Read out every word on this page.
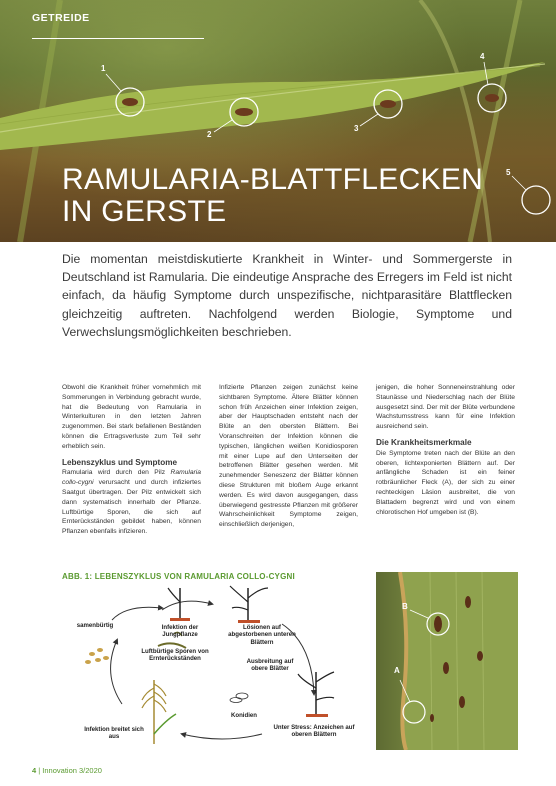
GETREIDE
1
2
3
4
5
RAMULARIA-BLATTFLECKEN
IN GERSTE
Die momentan meistdiskutierte Krankheit in Winter- und Sommergerste in Deutschland ist Ramularia. Die eindeutige Ansprache des Erregers im Feld ist nicht einfach, da häufig Symptome durch unspezifische, nichtparasitäre Blattflecken gleichzeitig auftreten. Nachfolgend werden Biologie, Symptome und Verwechslungsmöglichkeiten beschrieben.

Obwohl die Krankheit früher vornehmlich mit Sommerungen in Verbindung gebracht wurde, hat die Bedeutung von Ramularia in Winterkulturen in den letzten Jahren zugenommen. Bei stark befallenen Beständen können die Ertragsverluste zum Teil sehr erheblich sein.

Lebenszyklus und Symptome

Ramularia wird durch den Pilz Ramularia collo-cygni verursacht und durch infiziertes Saatgut übertragen. Der Pilz entwickelt sich dann systematisch innerhalb der Pflanze. Luftbürtige Sporen, die sich auf Ernterückständen gebildet haben, können Pflanzen ebenfalls infizieren.

Infizierte Pflanzen zeigen zunächst keine sichtbaren Symptome. Ältere Blätter können schon früh Anzeichen einer Infektion zeigen, aber der Hauptschaden entsteht nach der Blüte an den obersten Blättern. Bei Voranschreiten der Infektion können die typischen, länglichen weißen Konidiosporen mit einer Lupe auf den Unterseiten der betroffenen Blätter gesehen werden. Mit zunehmender Seneszenz der Blätter können diese Strukturen mit bloßem Auge erkannt werden. Es wird davon ausgegangen, dass überwiegend gestresste Pflanzen mit größerer Wahrscheinlichkeit Symptome zeigen, einschließlich derjenigen,

jenigen, die hoher Sonneneinstrahlung oder Staunässe und Niederschlag nach der Blüte ausgesetzt sind. Der mit der Blüte verbundene Wachstumsstress kann für eine Infektion ausreichend sein.

Die Krankheitsmerkmale

Die Symptome treten nach der Blüte an den oberen, lichtexponierten Blättern auf. Der anfängliche Schaden ist ein feiner rotbräunlicher Fleck (A), der sich zu einer rechteckigen Läsion ausbreitet, die von Blattadern begrenzt wird und von einem chlorotischen Hof umgeben ist (B).

ABB. 1: LEBENSZYKLUS VON RAMULARIA COLLO-CYGNI
samenbürtig	Infektion der Jungpflanze
Lösionen auf abgestorbenen unteren Blättern
Luftbürtige Sporen von Ernterückständen	Ausbreitung auf obere Blätter
Konidien
Unter Stress: Anzeichen auf oberen Blättern
Infektion breitet sich aus
B
A
4 | Innovation 3/2020
